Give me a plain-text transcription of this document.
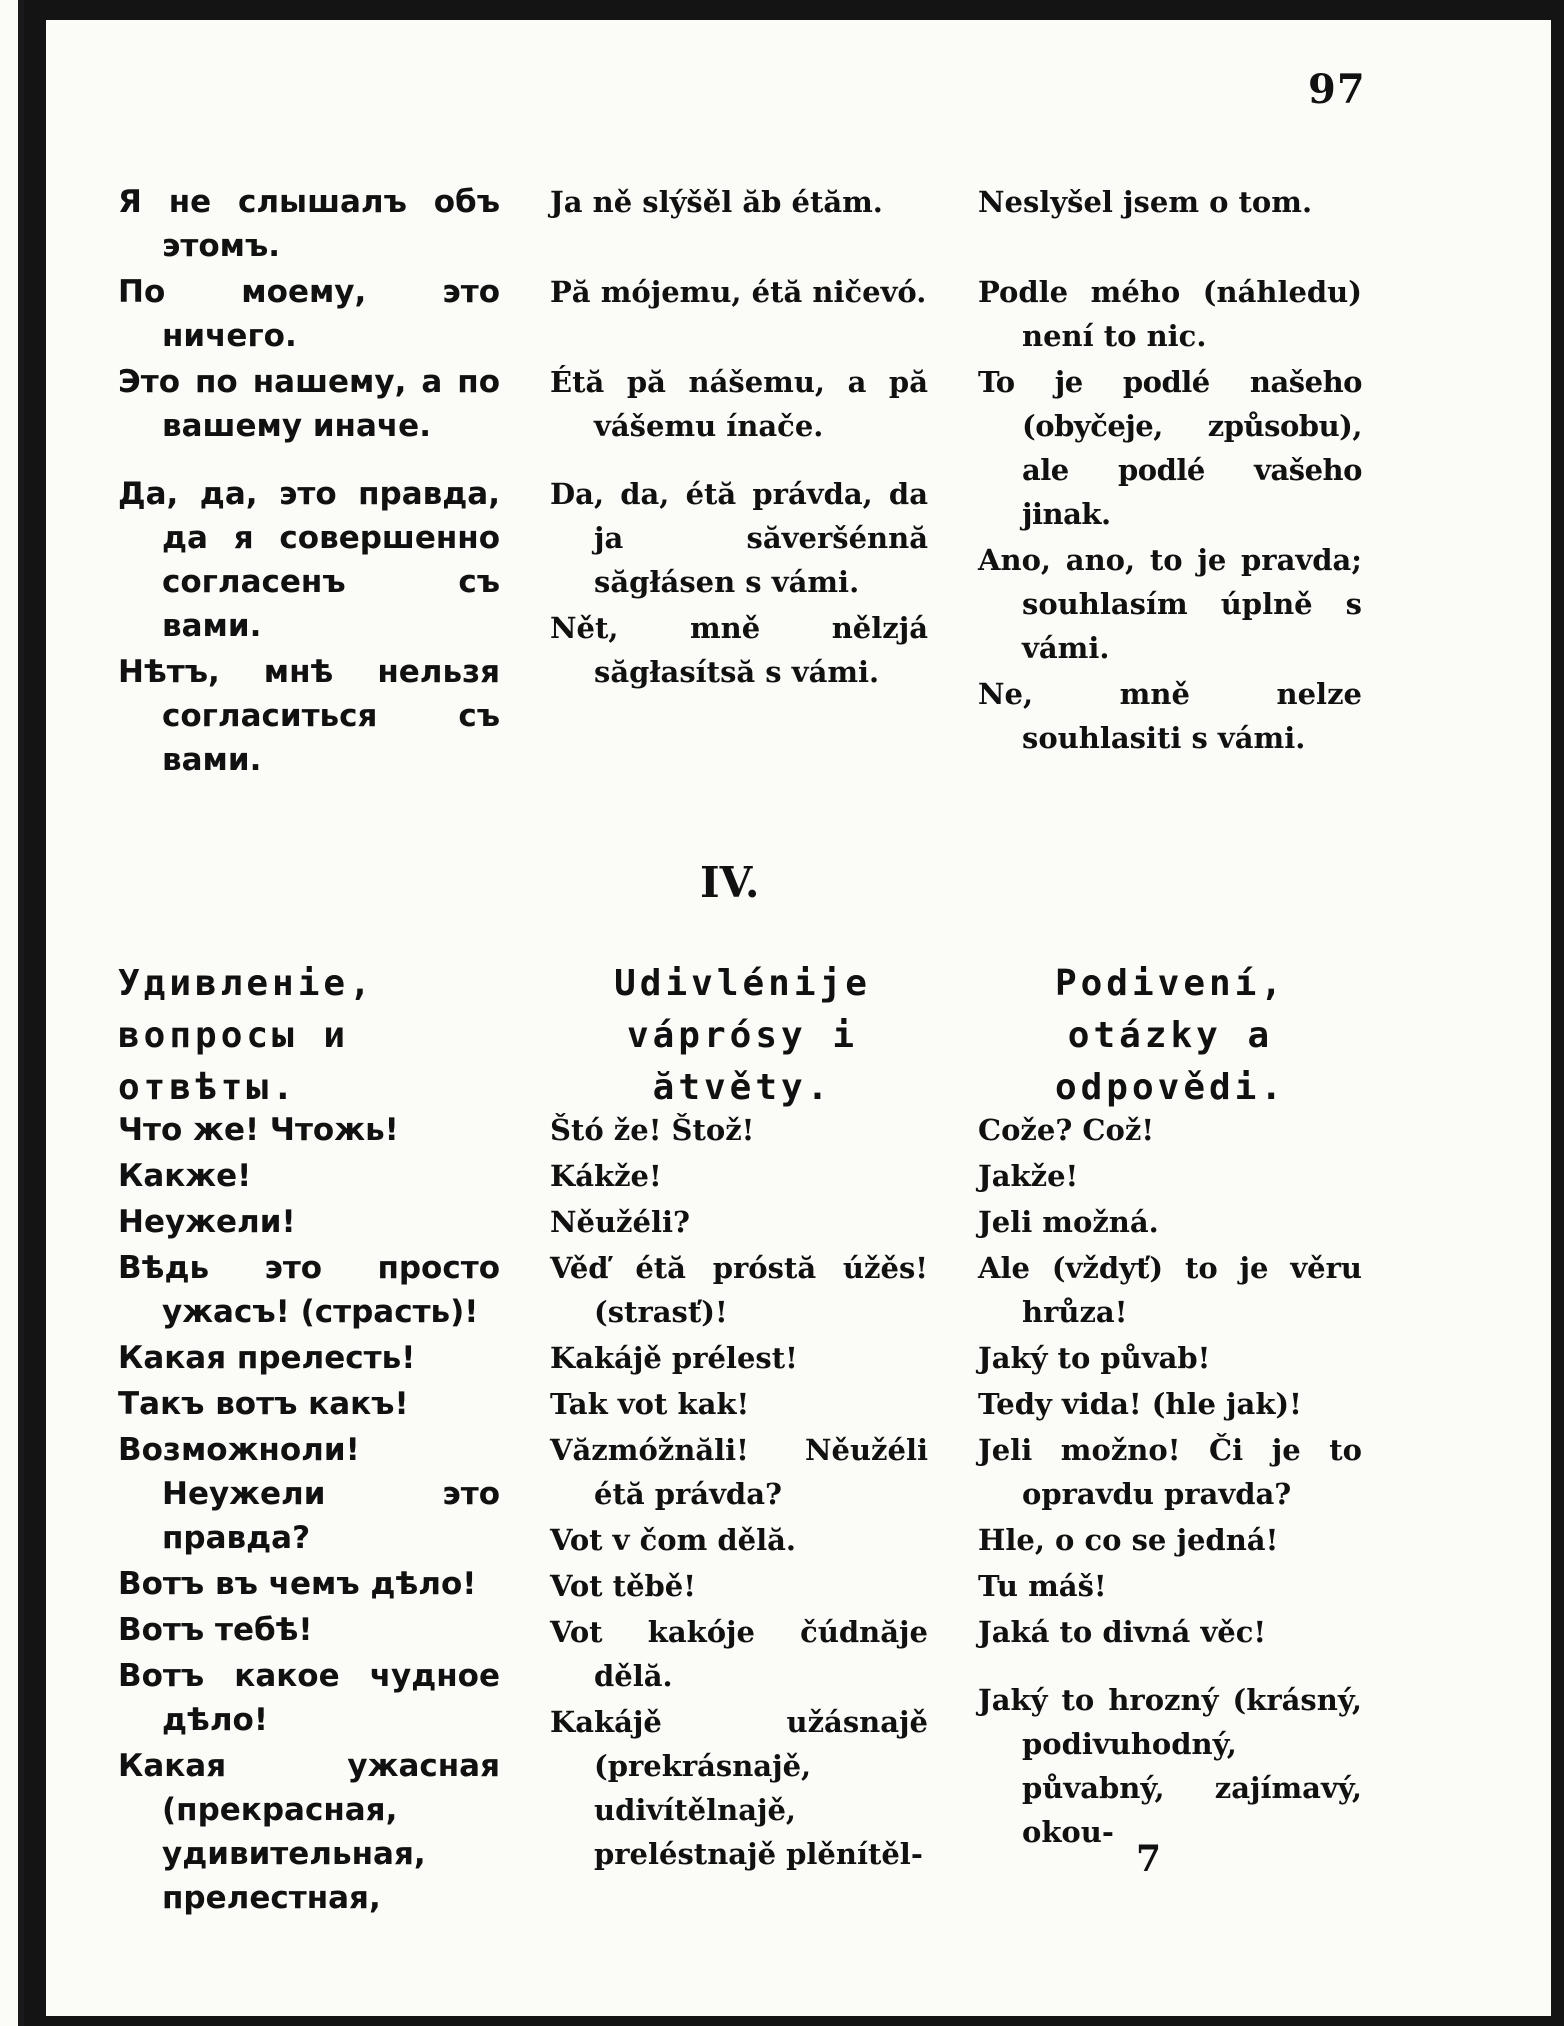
97
Я не слышалъ объ этомъ.
По моему, это ничего.
Это по нашему, а по вашему иначе.
Да, да, это правда, да я совершенно согласенъ съ вами.
Нѣтъ, мнѣ нельзя согласиться съ вами.
Ja ně slýšěl ăb étăm.
Pă mójemu, étă ničevó.
Étă pă nášemu, a pă vášemu ínače.
Da, da, étă právda, da ja săveršénnă săgłásen s vámi.
Nět, mně nělzjá săgłasítsă s vámi.
Neslyšel jsem o tom.
Podle mého (náhledu) není to nic.
To je podlé našeho (obyčeje, způsobu), ale podlé vašeho jinak.
Ano, ano, to je pravda; souhlasím úplně s vámi.
Ne, mně nelze souhlasiti s vámi.
IV.
Удивленіе, вопросы и отвѣты.
Udivlénije váprósy i ătvěty.
Podivení, otázky a odpovědi.
Что же! Чтожь!
Какже!
Неужели!
Вѣдь это просто ужасъ! (страсть)!
Какая прелесть!
Такъ вотъ какъ!
Возможноли! Неужели это правда?
Вотъ въ чемъ дѣло!
Вотъ тебѣ!
Вотъ какое чудное дѣло!
Какая ужасная (прекрасная, удивительная, прелестная,
Štó že! Štož!
Kákže!
Něužéli?
Věď étă próstă úžěs! (strasť)!
Kakájě prélest!
Tak vot kak!
Văzmóžnăli! Něužéli étă právda?
Vot v čom dělă.
Vot těbě!
Vot kakóje čúdnăje dělă.
Kakájě užásnajě (prekrásnajě, udivítělnajě, preléstnajě plěnítěl-
Cože? Což!
Jakže!
Jeli možná.
Ale (vždyť) to je věru hrůza!
Jaký to půvab!
Tedy vida! (hle jak)!
Jeli možno! Či je to opravdu pravda?
Hle, o co se jedná!
Tu máš!
Jaká to divná věc!
Jaký to hrozný (krásný, podivuhodný, půvabný, zajímavý, okou-
7
